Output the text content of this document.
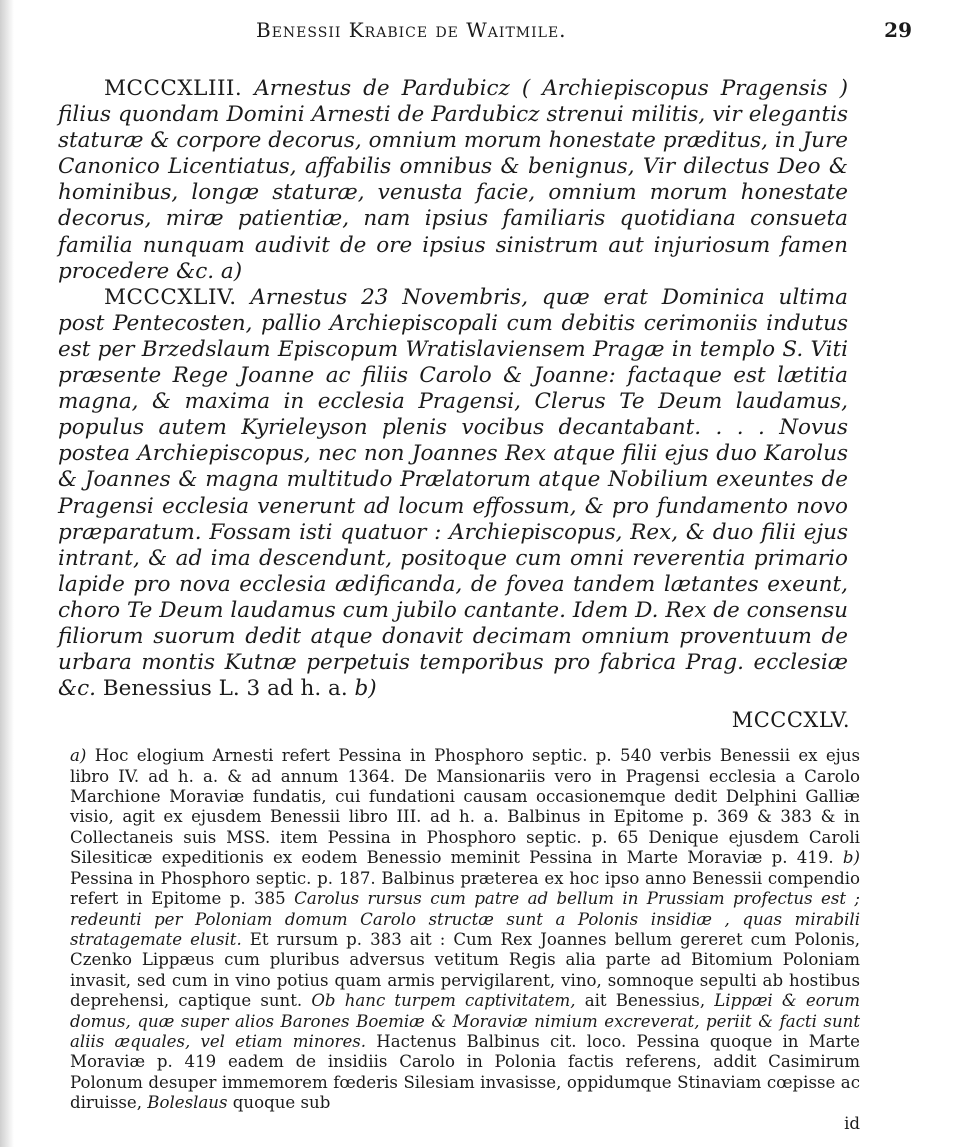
Benessii Krabice de Waitmile.	29
MCCCXLIII. Arnestus de Pardubicz ( Archiepiscopus Pragensis ) filius quondam Domini Arnesti de Pardubicz strenui militis, vir elegantis staturæ & corpore decorus, omnium morum honestate præditus, in Jure Canonico Licentiatus, affabilis omnibus & benignus, Vir dilectus Deo & hominibus, longæ staturæ, venusta facie, omnium morum honestate decorus, miræ patientiæ, nam ipsius familiaris quotidiana consueta familia nunquam audivit de ore ipsius sinistrum aut injuriosum famen procedere &c. a)
MCCCXLIV. Arnestus 23 Novembris, quæ erat Dominica ultima post Pentecosten, pallio Archiepiscopali cum debitis cerimoniis indutus est per Brzedslaum Episcopum Wratislaviensem Pragæ in templo S. Viti præsente Rege Joanne ac filiis Carolo & Joanne: factaque est lætitia magna, & maxima in ecclesia Pragensi, Clerus Te Deum laudamus, populus autem Kyrieleyson plenis vocibus decantabant. . . . Novus postea Archiepiscopus, nec non Joannes Rex atque filii ejus duo Karolus & Joannes & magna multitudo Prælatorum atque Nobilium exeuntes de Pragensi ecclesia venerunt ad locum effossum, & pro fundamento novo præparatum. Fossam isti quatuor : Archiepiscopus, Rex, & duo filii ejus intrant, & ad ima descendunt, positoque cum omni reverentia primario lapide pro nova ecclesia ædificanda, de fovea tandem lætantes exeunt, choro Te Deum laudamus cum jubilo cantante. Idem D. Rex de consensu filiorum suorum dedit atque donavit decimam omnium proventuum de urbara montis Kutnæ perpetuis temporibus pro fabrica Prag. ecclesiæ &c. Benessius L. 3 ad h. a. b)
MCCCXLV.
a) Hoc elogium Arnesti refert Pessina in Phosphoro septic. p. 540 verbis Benessii ex ejus libro IV. ad h. a. & ad annum 1364. De Mansionariis vero in Pragensi ecclesia a Carolo Marchione Moraviæ fundatis, cui fundationi causam occasionemque dedit Delphini Galliæ visio, agit ex ejusdem Benessii libro III. ad h. a. Balbinus in Epitome p. 369 & 383 & in Collectaneis suis MSS. item Pessina in Phosphoro septic. p. 65 Denique ejusdem Caroli Silesiticæ expeditionis ex eodem Benessio meminit Pessina in Marte Moraviæ p. 419. b) Pessina in Phosphoro septic. p. 187. Balbinus præterea ex hoc ipso anno Benessii compendio refert in Epitome p. 385 Carolus rursus cum patre ad bellum in Prussiam profectus est ; redeunti per Poloniam domum Carolo structæ sunt a Polonis insidiæ , quas mirabili stratagemate elusit. Et rursum p. 383 ait : Cum Rex Joannes bellum gereret cum Polonis, Czenko Lippæus cum pluribus adversus vetitum Regis alia parte ad Bitomium Poloniam invasit, sed cum in vino potius quam armis pervigilarent, vino, somnoque sepulti ab hostibus deprehensi, captique sunt. Ob hanc turpem captivitatem, ait Benessius, Lippæi & eorum domus, quæ super alios Barones Boemiæ & Moraviæ nimium excreverat, periit & facti sunt aliis æquales, vel etiam minores. Hactenus Balbinus cit. loco. Pessina quoque in Marte Moraviæ p. 419 eadem de insidiis Carolo in Polonia factis referens, addit Casimirum Polonum desuper immemorem fœderis Silesiam invasisse, oppidumque Stinaviam cœpisse ac diruisse, Boleslaus quoque sub
id
